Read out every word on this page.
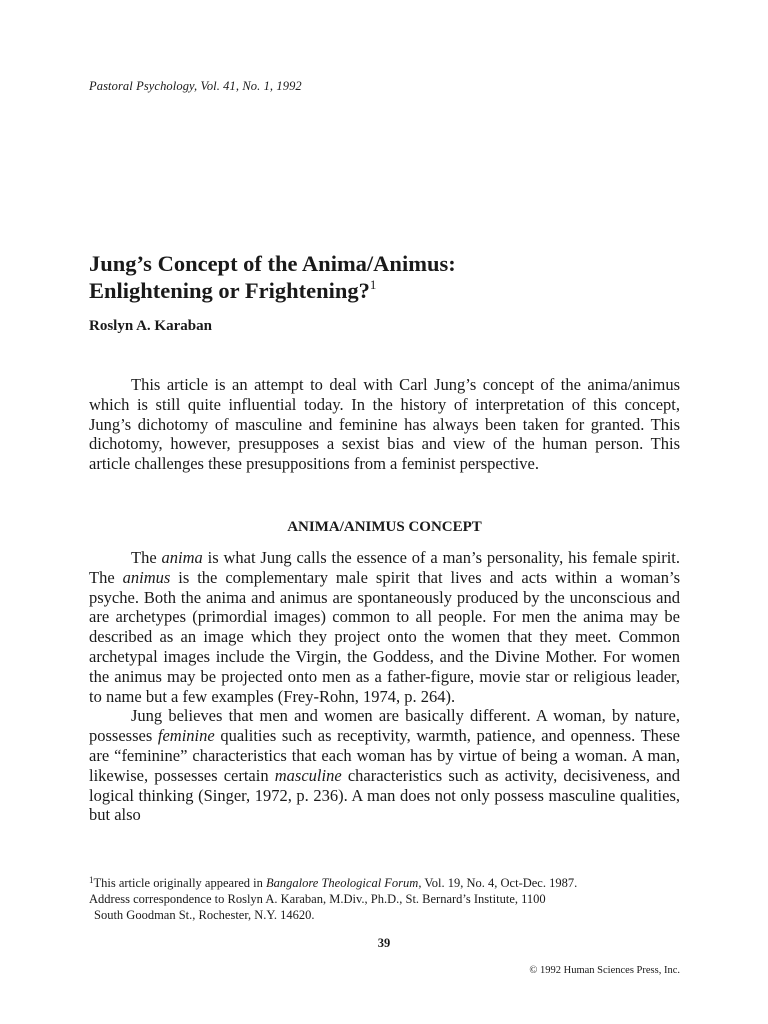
Pastoral Psychology, Vol. 41, No. 1, 1992
Jung’s Concept of the Anima/Animus:
Enlightening or Frightening?$^1$
Roslyn A. Karaban

This article is an attempt to deal with Carl Jung’s concept of the anima/animus which is still quite influential today. In the history of interpretation of this concept, Jung’s dichotomy of masculine and feminine has always been taken for granted. This dichotomy, however, presupposes a sexist bias and view of the human person. This article challenges these presuppositions from a feminist perspective.

ANIMA/ANIMUS CONCEPT

The anima is what Jung calls the essence of a man’s personality, his female spirit. The animus is the complementary male spirit that lives and acts within a woman’s psyche. Both the anima and animus are spontaneously produced by the unconscious and are archetypes (primordial images) common to all people. For men the anima may be described as an image which they project onto the women that they meet. Common archetypal images include the Virgin, the Goddess, and the Divine Mother. For women the animus may be projected onto men as a father-figure, movie star or religious leader, to name but a few examples (Frey-Rohn, 1974, p. 264).

Jung believes that men and women are basically different. A woman, by nature, possesses feminine qualities such as receptivity, warmth, patience, and openness. These are “feminine” characteristics that each woman has by virtue of being a woman. A man, likewise, possesses certain masculine characteristics such as activity, decisiveness, and logical thinking (Singer, 1972, p. 236). A man does not only possess masculine qualities, but also

$^1$This article originally appeared in Bangalore Theological Forum, Vol. 19, No. 4, Oct-Dec. 1987.
Address correspondence to Roslyn A. Karaban, M.Div., Ph.D., St. Bernard’s Institute, 1100
South Goodman St., Rochester, N.Y. 14620.
39
© 1992 Human Sciences Press, Inc.
